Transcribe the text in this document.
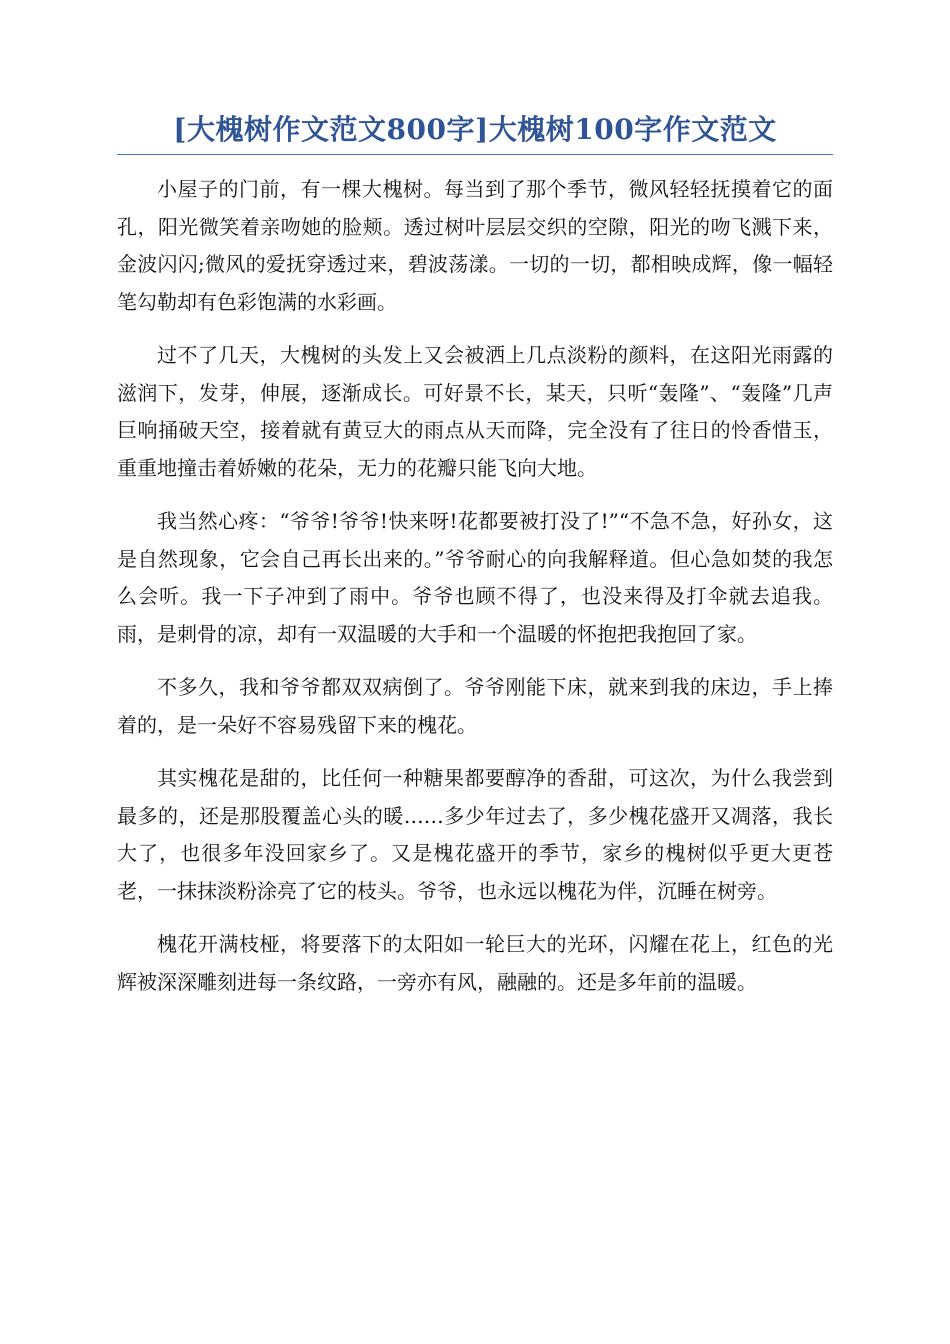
[大槐树作文范文800字]大槐树100字作文范文

小屋子的门前，有一棵大槐树。每当到了那个季节，微风轻轻抚摸着它的面孔，阳光微笑着亲吻她的脸颊。透过树叶层层交织的空隙，阳光的吻飞溅下来，金波闪闪;微风的爱抚穿透过来，碧波荡漾。一切的一切，都相映成辉，像一幅轻笔勾勒却有色彩饱满的水彩画。

过不了几天，大槐树的头发上又会被洒上几点淡粉的颜料，在这阳光雨露的滋润下，发芽，伸展，逐渐成长。可好景不长，某天，只听“轰隆”、“轰隆”几声巨响捅破天空，接着就有黄豆大的雨点从天而降，完全没有了往日的怜香惜玉，重重地撞击着娇嫩的花朵，无力的花瓣只能飞向大地。

我当然心疼：“爷爷!爷爷!快来呀!花都要被打没了!”“不急不急，好孙女，这是自然现象，它会自己再长出来的。”爷爷耐心的向我解释道。但心急如焚的我怎么会听。我一下子冲到了雨中。爷爷也顾不得了，也没来得及打伞就去追我。雨，是刺骨的凉，却有一双温暖的大手和一个温暖的怀抱把我抱回了家。

不多久，我和爷爷都双双病倒了。爷爷刚能下床，就来到我的床边，手上捧着的，是一朵好不容易残留下来的槐花。

其实槐花是甜的，比任何一种糖果都要醇净的香甜，可这次，为什么我尝到最多的，还是那股覆盖心头的暖……多少年过去了，多少槐花盛开又凋落，我长大了，也很多年没回家乡了。又是槐花盛开的季节，家乡的槐树似乎更大更苍老，一抹抹淡粉涂亮了它的枝头。爷爷，也永远以槐花为伴，沉睡在树旁。

槐花开满枝桠，将要落下的太阳如一轮巨大的光环，闪耀在花上，红色的光辉被深深雕刻进每一条纹路，一旁亦有风，融融的。还是多年前的温暖。
